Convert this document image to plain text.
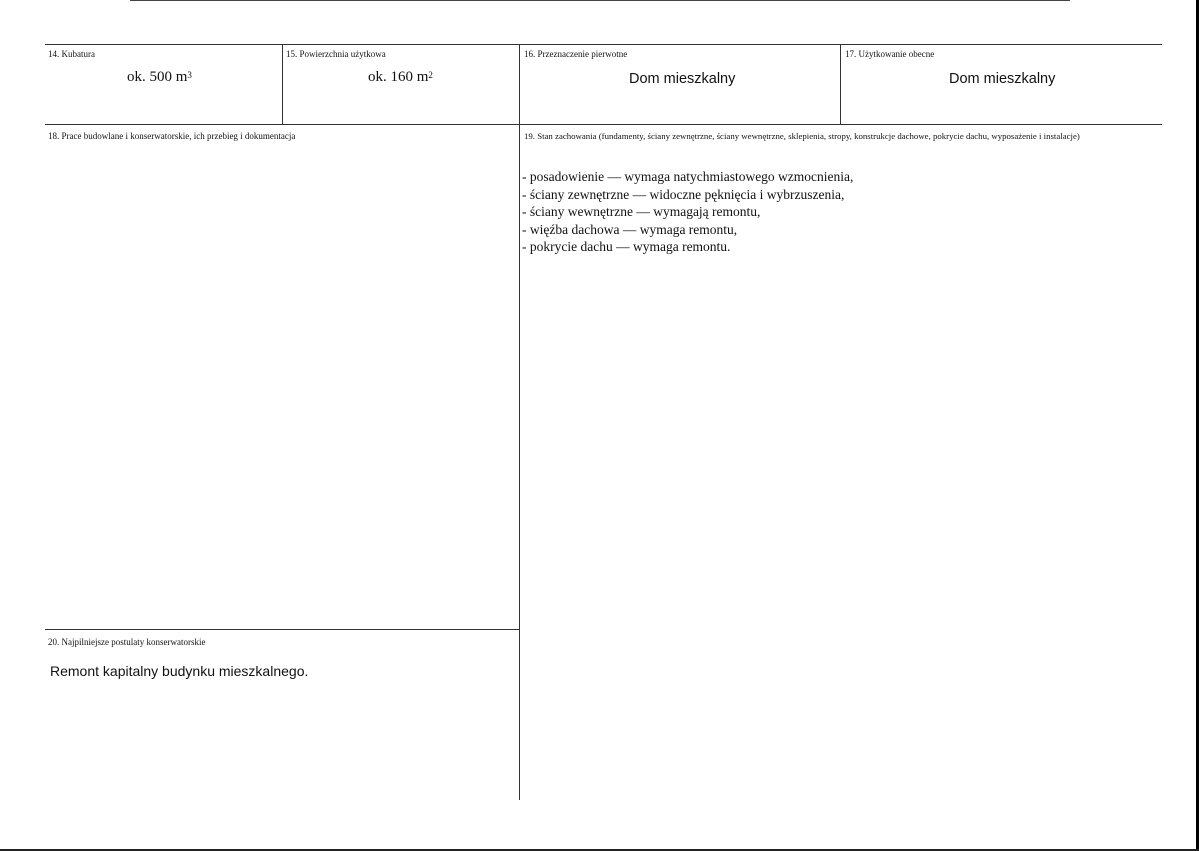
14. Kubatura
ok. 500 $m^3$
15. Powierzchnia użytkowa
ok. 160 $m^2$
16. Przeznaczenie pierwotne
Dom mieszkalny
17. Użytkowanie obecne
Dom mieszkalny
18. Prace budowlane i konserwatorskie, ich przebieg i dokumentacja	19. Stan zachowania (fundamenty, ściany zewnętrzne, ściany wewnętrzne, sklepienia, stropy, konstrukcje dachowe, pokrycie dachu, wyposażenie i instalacje)
- posadowienie — wymaga natychmiastowego wzmocnienia,
- ściany zewnętrzne — widoczne pęknięcia i wybrzuszenia,
- ściany wewnętrzne — wymagają remontu,
- więźba dachowa — wymaga remontu,
- pokrycie dachu — wymaga remontu.
20. Najpilniejsze postulaty konserwatorskie
Remont kapitalny budynku mieszkalnego.
